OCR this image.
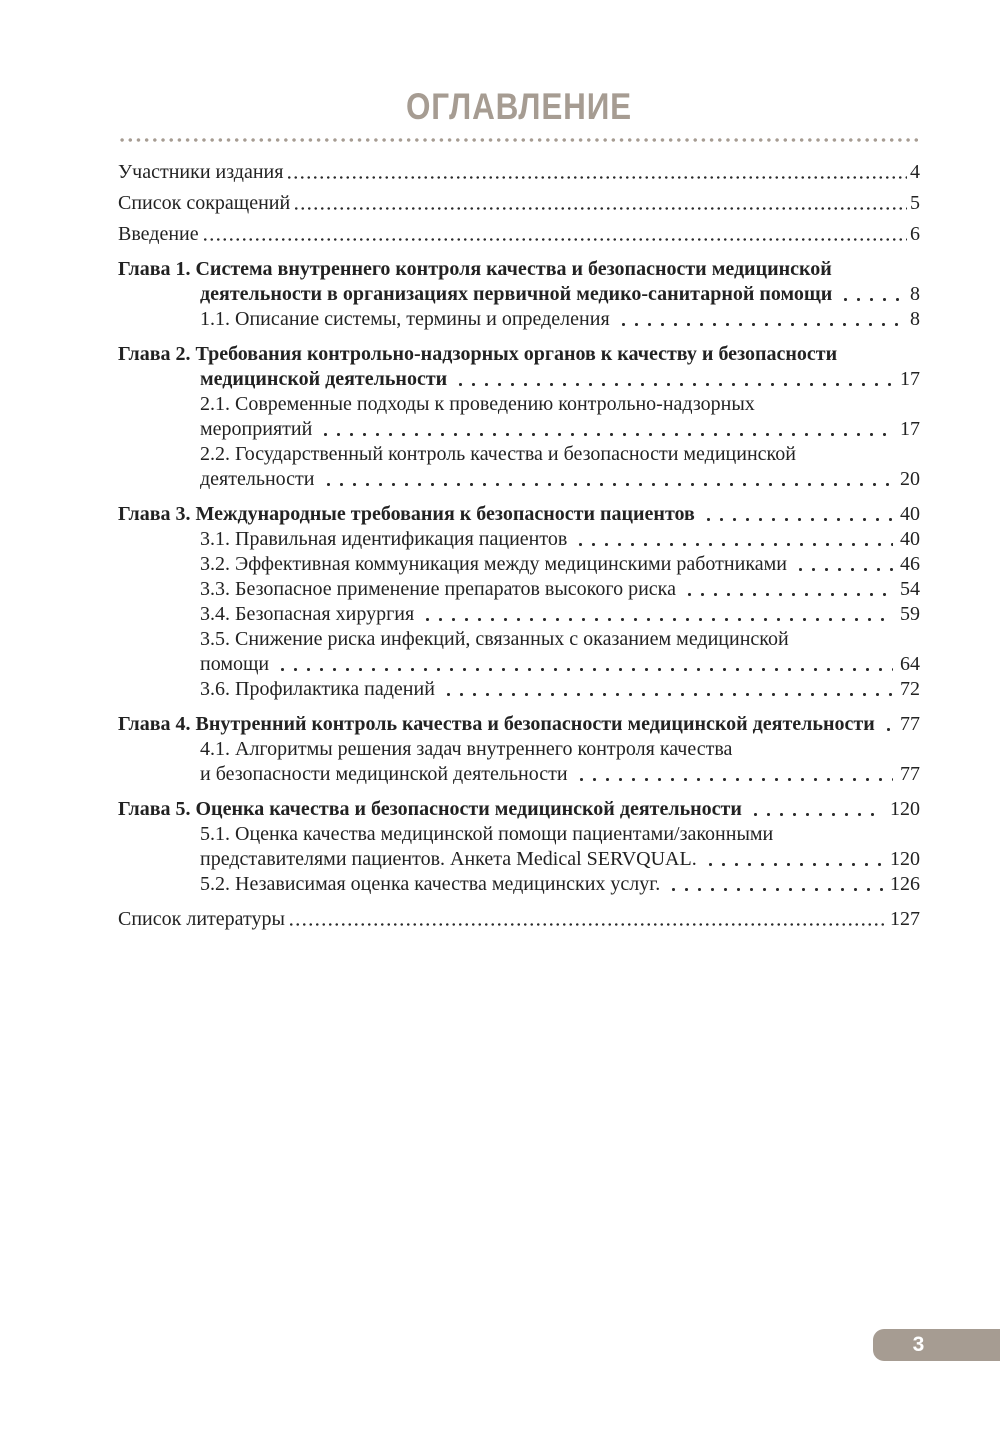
ОГЛАВЛЕНИЕ
Участники издания	4
Список сокращений	5
Введение	6
Глава 1. Система внутреннего контроля качества и безопасности медицинской
деятельности в организациях первичной медико-санитарной помощи	8
1.1. Описание системы, термины и определения	8
Глава 2. Требования контрольно-надзорных органов к качеству и безопасности
медицинской деятельности	17
2.1. Современные подходы к проведению контрольно-надзорных
мероприятий	17
2.2. Государственный контроль качества и безопасности медицинской
деятельности	20
Глава 3. Международные требования к безопасности пациентов	40
3.1. Правильная идентификация пациентов	40
3.2. Эффективная коммуникация между медицинскими работниками	46
3.3. Безопасное применение препаратов высокого риска	54
3.4. Безопасная хирургия	59
3.5. Снижение риска инфекций, связанных с оказанием медицинской
помощи	64
3.6. Профилактика падений	72
Глава 4. Внутренний контроль качества и безопасности медицинской деятельности 77
4.1. Алгоритмы решения задач внутреннего контроля качества
и безопасности медицинской деятельности	77
Глава 5. Оценка качества и безопасности медицинской деятельности	120
5.1. Оценка качества медицинской помощи пациентами/законными
представителями пациентов. Анкета Medical SERVQUAL.	120
5.2. Независимая оценка качества медицинских услуг.	126
Список литературы	127
3
